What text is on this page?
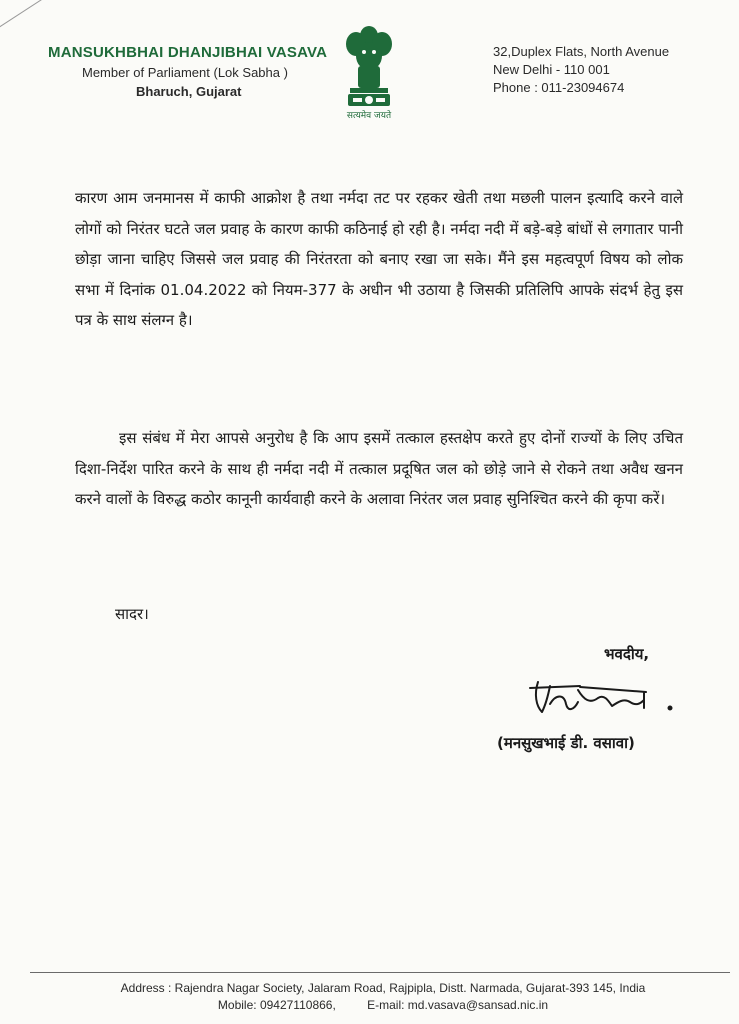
MANSUKHBHAI DHANJIBHAI VASAVA
Member of Parliament (Lok Sabha )
Bharuch, Gujarat
सत्यमेव जयते
32,Duplex Flats, North Avenue
New Delhi - 110 001
Phone : 011-23094674

कारण आम जनमानस में काफी आक्रोश है तथा नर्मदा तट पर रहकर खेती तथा मछली पालन इत्यादि करने वाले लोगों को निरंतर घटते जल प्रवाह के कारण काफी कठिनाई हो रही है। नर्मदा नदी में बड़े-बड़े बांधों से लगातार पानी छोड़ा जाना चाहिए जिससे जल प्रवाह की निरंतरता को बनाए रखा जा सके। मैंने इस महत्वपूर्ण विषय को लोक सभा में दिनांक 01.04.2022 को नियम-377 के अधीन भी उठाया है जिसकी प्रतिलिपि आपके संदर्भ हेतु इस पत्र के साथ संलग्न है।

इस संबंध में मेरा आपसे अनुरोध है कि आप इसमें तत्काल हस्तक्षेप करते हुए दोनों राज्यों के लिए उचित दिशा-निर्देश पारित करने के साथ ही नर्मदा नदी में तत्काल प्रदूषित जल को छोड़े जाने से रोकने तथा अवैध खनन करने वालों के विरुद्ध कठोर कानूनी कार्यवाही करने के अलावा निरंतर जल प्रवाह सुनिश्चित करने की कृपा करें।

सादर।
भवदीय,
(मनसुखभाई डी. वसावा)
Address : Rajendra Nagar Society, Jalaram Road, Rajpipla, Distt. Narmada, Gujarat-393 145, India
Mobile: 09427110866,	E-mail: md.vasava@sansad.nic.in
